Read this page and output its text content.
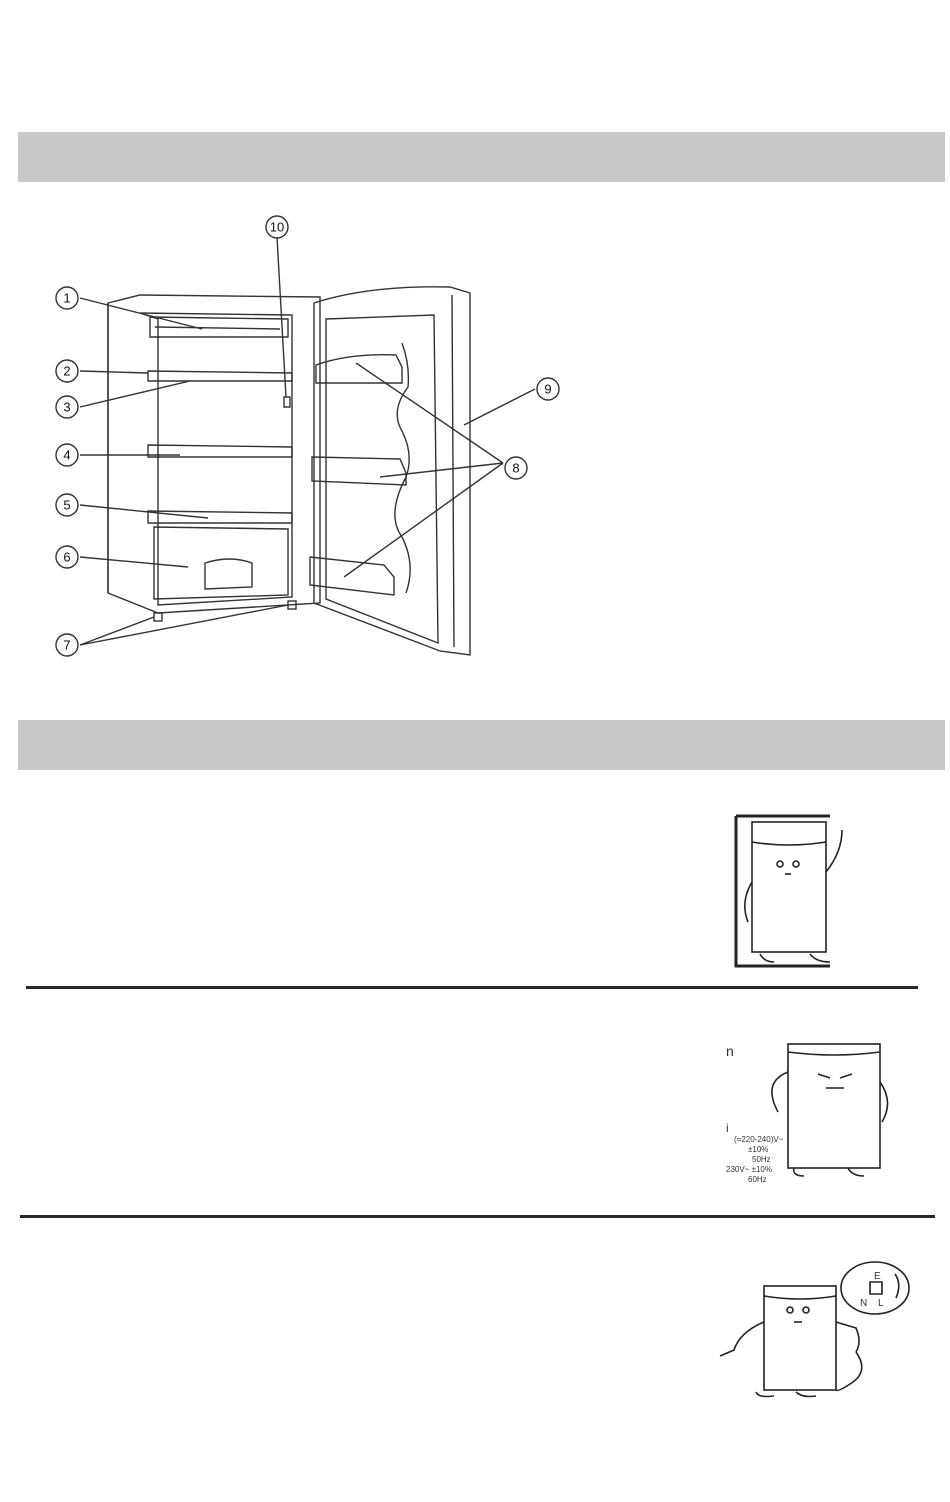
1
2
3
4
5
6
7
8
9
10
n
i
(=220-240)V~
±10%
50Hz
230V~ ±10%
60Hz
E
N L
